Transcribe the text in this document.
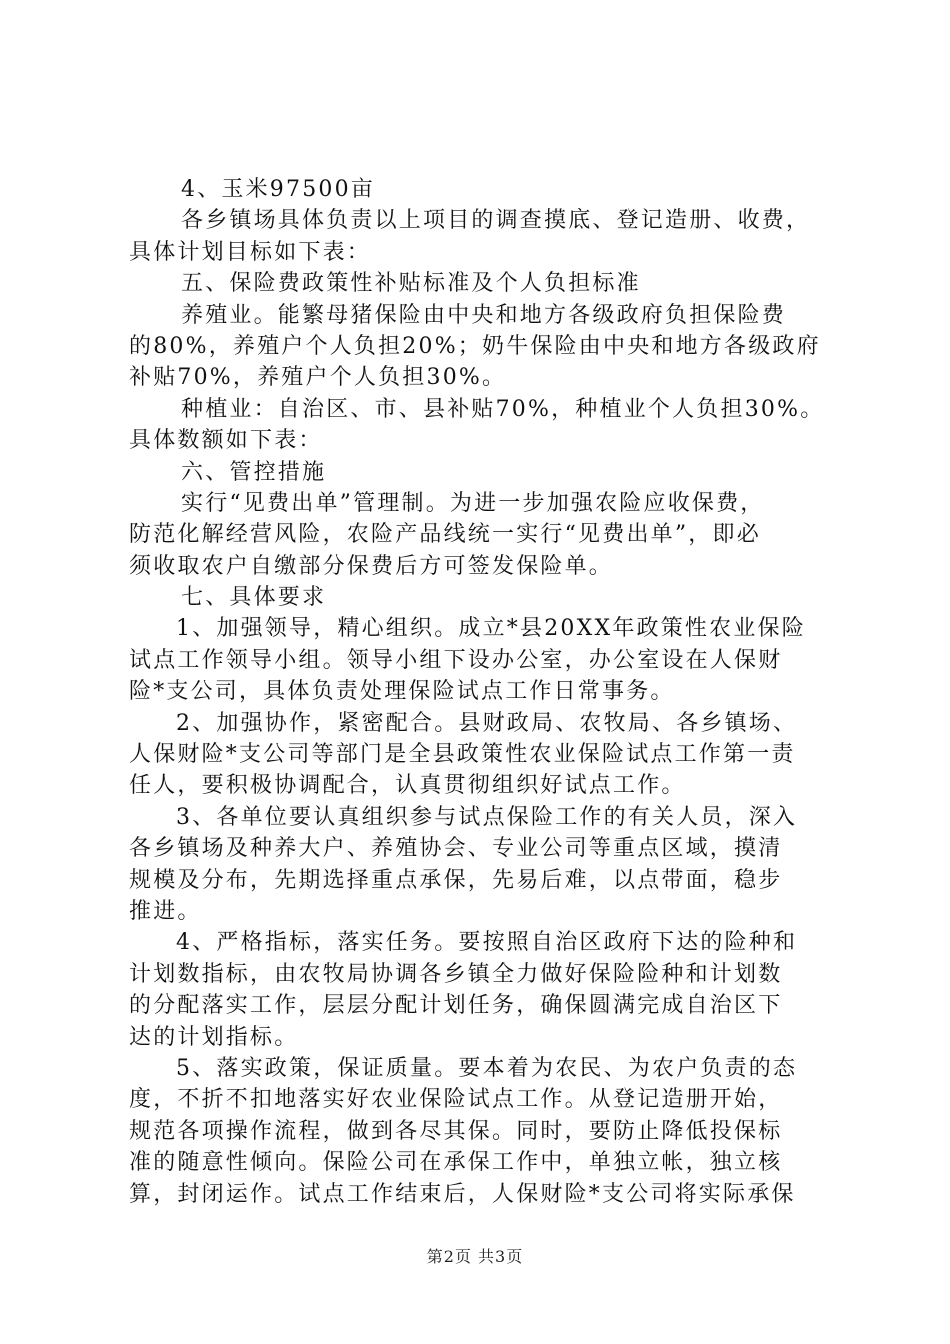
4、玉米97500亩
各乡镇场具体负责以上项目的调查摸底、登记造册、收费，
具体计划目标如下表：
五、保险费政策性补贴标准及个人负担标准
养殖业。能繁母猪保险由中央和地方各级政府负担保险费
的80%，养殖户个人负担20%；奶牛保险由中央和地方各级政府
补贴70%，养殖户个人负担30%。
种植业：自治区、市、县补贴70%，种植业个人负担30%。
具体数额如下表：
六、管控措施
实行“见费出单”管理制。为进一步加强农险应收保费，
防范化解经营风险，农险产品线统一实行“见费出单”，即必
须收取农户自缴部分保费后方可签发保险单。
七、具体要求
1、加强领导，精心组织。成立*县20XX年政策性农业保险
试点工作领导小组。领导小组下设办公室，办公室设在人保财
险*支公司，具体负责处理保险试点工作日常事务。
2、加强协作，紧密配合。县财政局、农牧局、各乡镇场、
人保财险*支公司等部门是全县政策性农业保险试点工作第一责
任人，要积极协调配合，认真贯彻组织好试点工作。
3、各单位要认真组织参与试点保险工作的有关人员，深入
各乡镇场及种养大户、养殖协会、专业公司等重点区域，摸清
规模及分布，先期选择重点承保，先易后难，以点带面，稳步
推进。
4、严格指标，落实任务。要按照自治区政府下达的险种和
计划数指标，由农牧局协调各乡镇全力做好保险险种和计划数
的分配落实工作，层层分配计划任务，确保圆满完成自治区下
达的计划指标。
5、落实政策，保证质量。要本着为农民、为农户负责的态
度，不折不扣地落实好农业保险试点工作。从登记造册开始，
规范各项操作流程，做到各尽其保。同时，要防止降低投保标
准的随意性倾向。保险公司在承保工作中，单独立帐，独立核
算，封闭运作。试点工作结束后，人保财险*支公司将实际承保
第2页 共3页
